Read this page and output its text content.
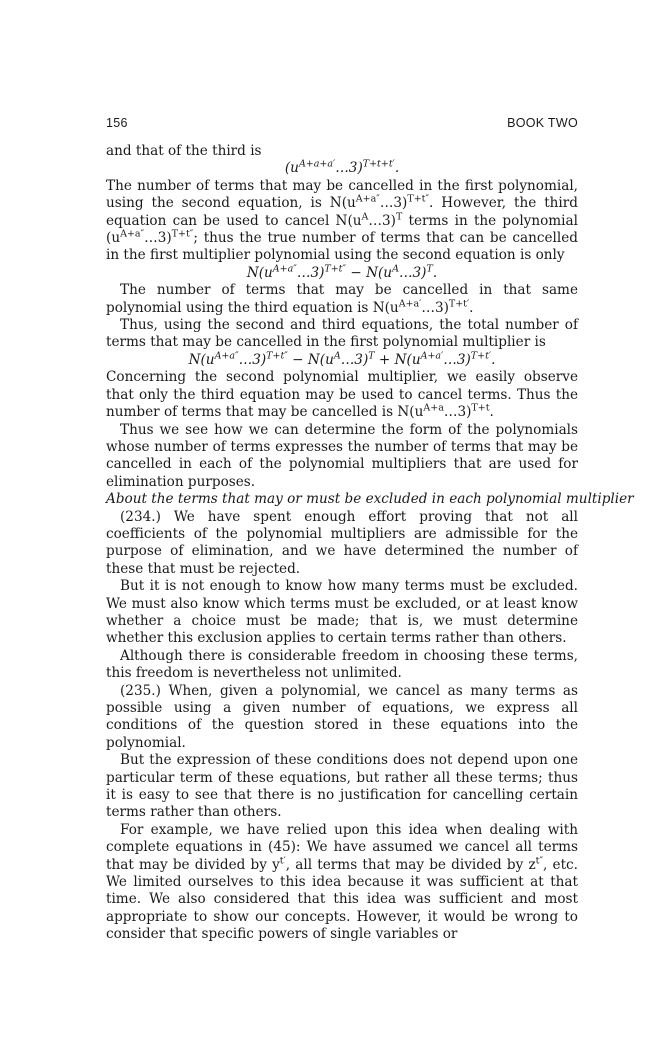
156	BOOK TWO

and that of the third is

$(u^{A+a+a'}\dots 3)^{T+t+t'}$.

The number of terms that may be cancelled in the first polynomial, using the second equation, is $N(u^{A+a''}\dots 3)^{T+t''}$. However, the third equation can be used to cancel $N(u^A\dots 3)^T$ terms in the polynomial $(u^{A+a''}\dots 3)^{T+t''}$; thus the true number of terms that can be cancelled in the first multiplier polynomial using the second equation is only

$N(u^{A+a''}\dots 3)^{T+t''}$ − $N(u^A\dots 3)^T$.

The number of terms that may be cancelled in that same polynomial using the third equation is $N(u^{A+a'}\dots 3)^{T+t'}$.

Thus, using the second and third equations, the total number of terms that may be cancelled in the first polynomial multiplier is

$N(u^{A+a''}\dots 3)^{T+t''}$ − $N(u^A\dots 3)^T$ + $N(u^{A+a'}\dots 3)^{T+t'}$.

Concerning the second polynomial multiplier, we easily observe that only the third equation may be used to cancel terms. Thus the number of terms that may be cancelled is $N(u^{A+a}\dots 3)^{T+t}$.

Thus we see how we can determine the form of the polynomials whose number of terms expresses the number of terms that may be cancelled in each of the polynomial multipliers that are used for elimination purposes.

About the terms that may or must be excluded in each polynomial multiplier

(234.) We have spent enough effort proving that not all coefficients of the polynomial multipliers are admissible for the purpose of elimination, and we have determined the number of these that must be rejected.

But it is not enough to know how many terms must be excluded. We must also know which terms must be excluded, or at least know whether a choice must be made; that is, we must determine whether this exclusion applies to certain terms rather than others.

Although there is considerable freedom in choosing these terms, this freedom is nevertheless not unlimited.

(235.) When, given a polynomial, we cancel as many terms as possible using a given number of equations, we express all conditions of the question stored in these equations into the polynomial.

But the expression of these conditions does not depend upon one particular term of these equations, but rather all these terms; thus it is easy to see that there is no justification for cancelling certain terms rather than others.

For example, we have relied upon this idea when dealing with complete equations in (45): We have assumed we cancel all terms that may be divided by $y^{t'}$, all terms that may be divided by $z^{t''}$, etc. We limited ourselves to this idea because it was sufficient at that time. We also considered that this idea was sufficient and most appropriate to show our concepts. However, it would be wrong to consider that specific powers of single variables or
